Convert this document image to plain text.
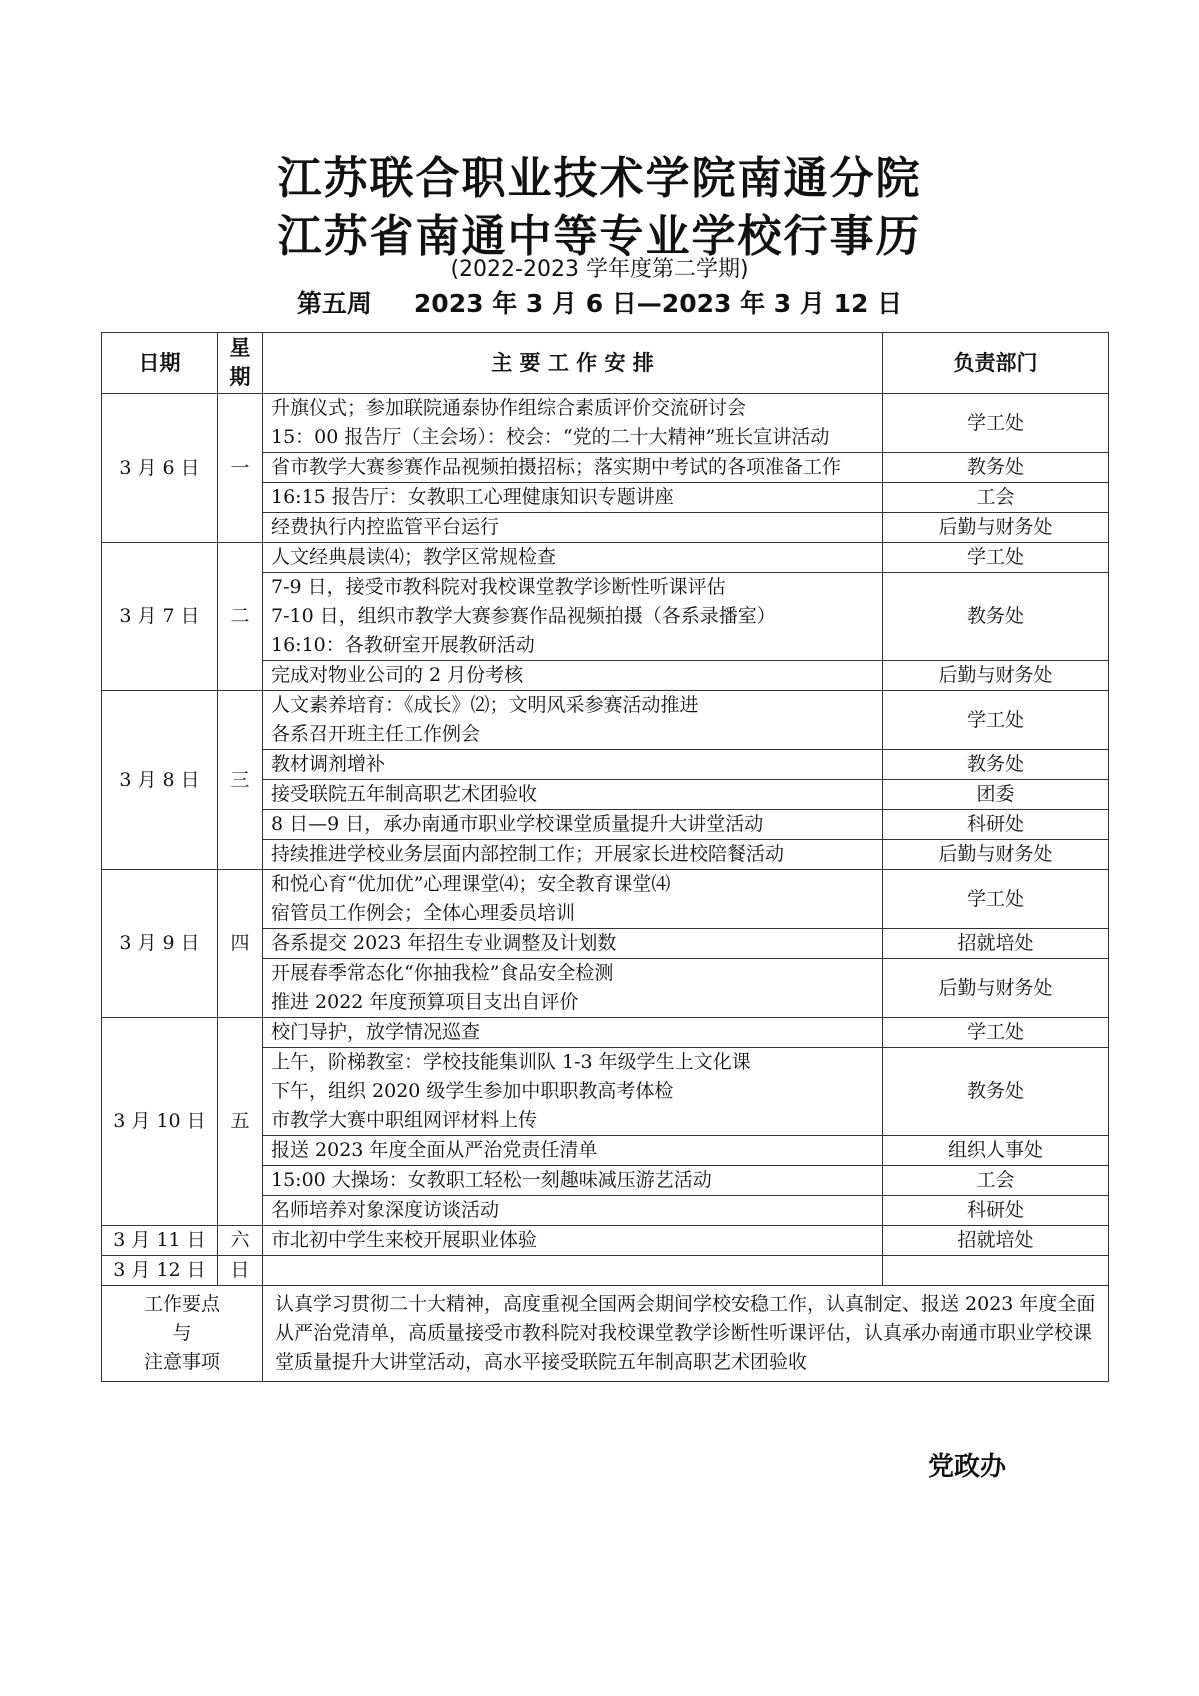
江苏联合职业技术学院南通分院
江苏省南通中等专业学校行事历
(2022-2023 学年度第二学期)
第五周 2023 年 3 月 6 日—2023 年 3 月 12 日
日期	星
期	主 要 工 作 安 排	负责部门
3 月 6 日	一	升旗仪式；参加联院通泰协作组综合素质评价交流研讨会
15：00 报告厅（主会场）：校会：“党的二十大精神”班长宣讲活动	学工处

		省市教学大赛参赛作品视频拍摄招标；落实期中考试的各项准备工作	教务处

		16:15 报告厅：女教职工心理健康知识专题讲座	工会

		经费执行内控监管平台运行	后勤与财务处
3 月 7 日	二	人文经典晨读⑷；教学区常规检查	学工处

		7-9 日，接受市教科院对我校课堂教学诊断性听课评估
7-10 日，组织市教学大赛参赛作品视频拍摄（各系录播室）
16:10：各教研室开展教研活动	教务处

		完成对物业公司的 2 月份考核	后勤与财务处
3 月 8 日	三	人文素养培育：《成长》⑵；文明风采参赛活动推进
各系召开班主任工作例会	学工处

		教材调剂增补	教务处

		接受联院五年制高职艺术团验收	团委

		8 日—9 日，承办南通市职业学校课堂质量提升大讲堂活动	科研处

		持续推进学校业务层面内部控制工作；开展家长进校陪餐活动	后勤与财务处
3 月 9 日	四	和悦心育“优加优”心理课堂⑷；安全教育课堂⑷
宿管员工作例会；全体心理委员培训	学工处

		各系提交 2023 年招生专业调整及计划数	招就培处

		开展春季常态化“你抽我检”食品安全检测
推进 2022 年度预算项目支出自评价	后勤与财务处
3 月 10 日	五	校门导护，放学情况巡查	学工处

		上午，阶梯教室：学校技能集训队 1-3 年级学生上文化课
下午，组织 2020 级学生参加中职职教高考体检
市教学大赛中职组网评材料上传	教务处

		报送 2023 年度全面从严治党责任清单	组织人事处

		15:00 大操场：女教职工轻松一刻趣味减压游艺活动	工会

		名师培养对象深度访谈活动	科研处
3 月 11 日	六	市北初中学生来校开展职业体验	招就培处
3 月 12 日	日	

工作要点
与
注意事项		认真学习贯彻二十大精神，高度重视全国两会期间学校安稳工作，认真制定、报送 2023 年度全面从严治党清单，高质量接受市教科院对我校课堂教学诊断性听课评估，认真承办南通市职业学校课堂质量提升大讲堂活动，高水平接受联院五年制高职艺术团验收	
党政办
